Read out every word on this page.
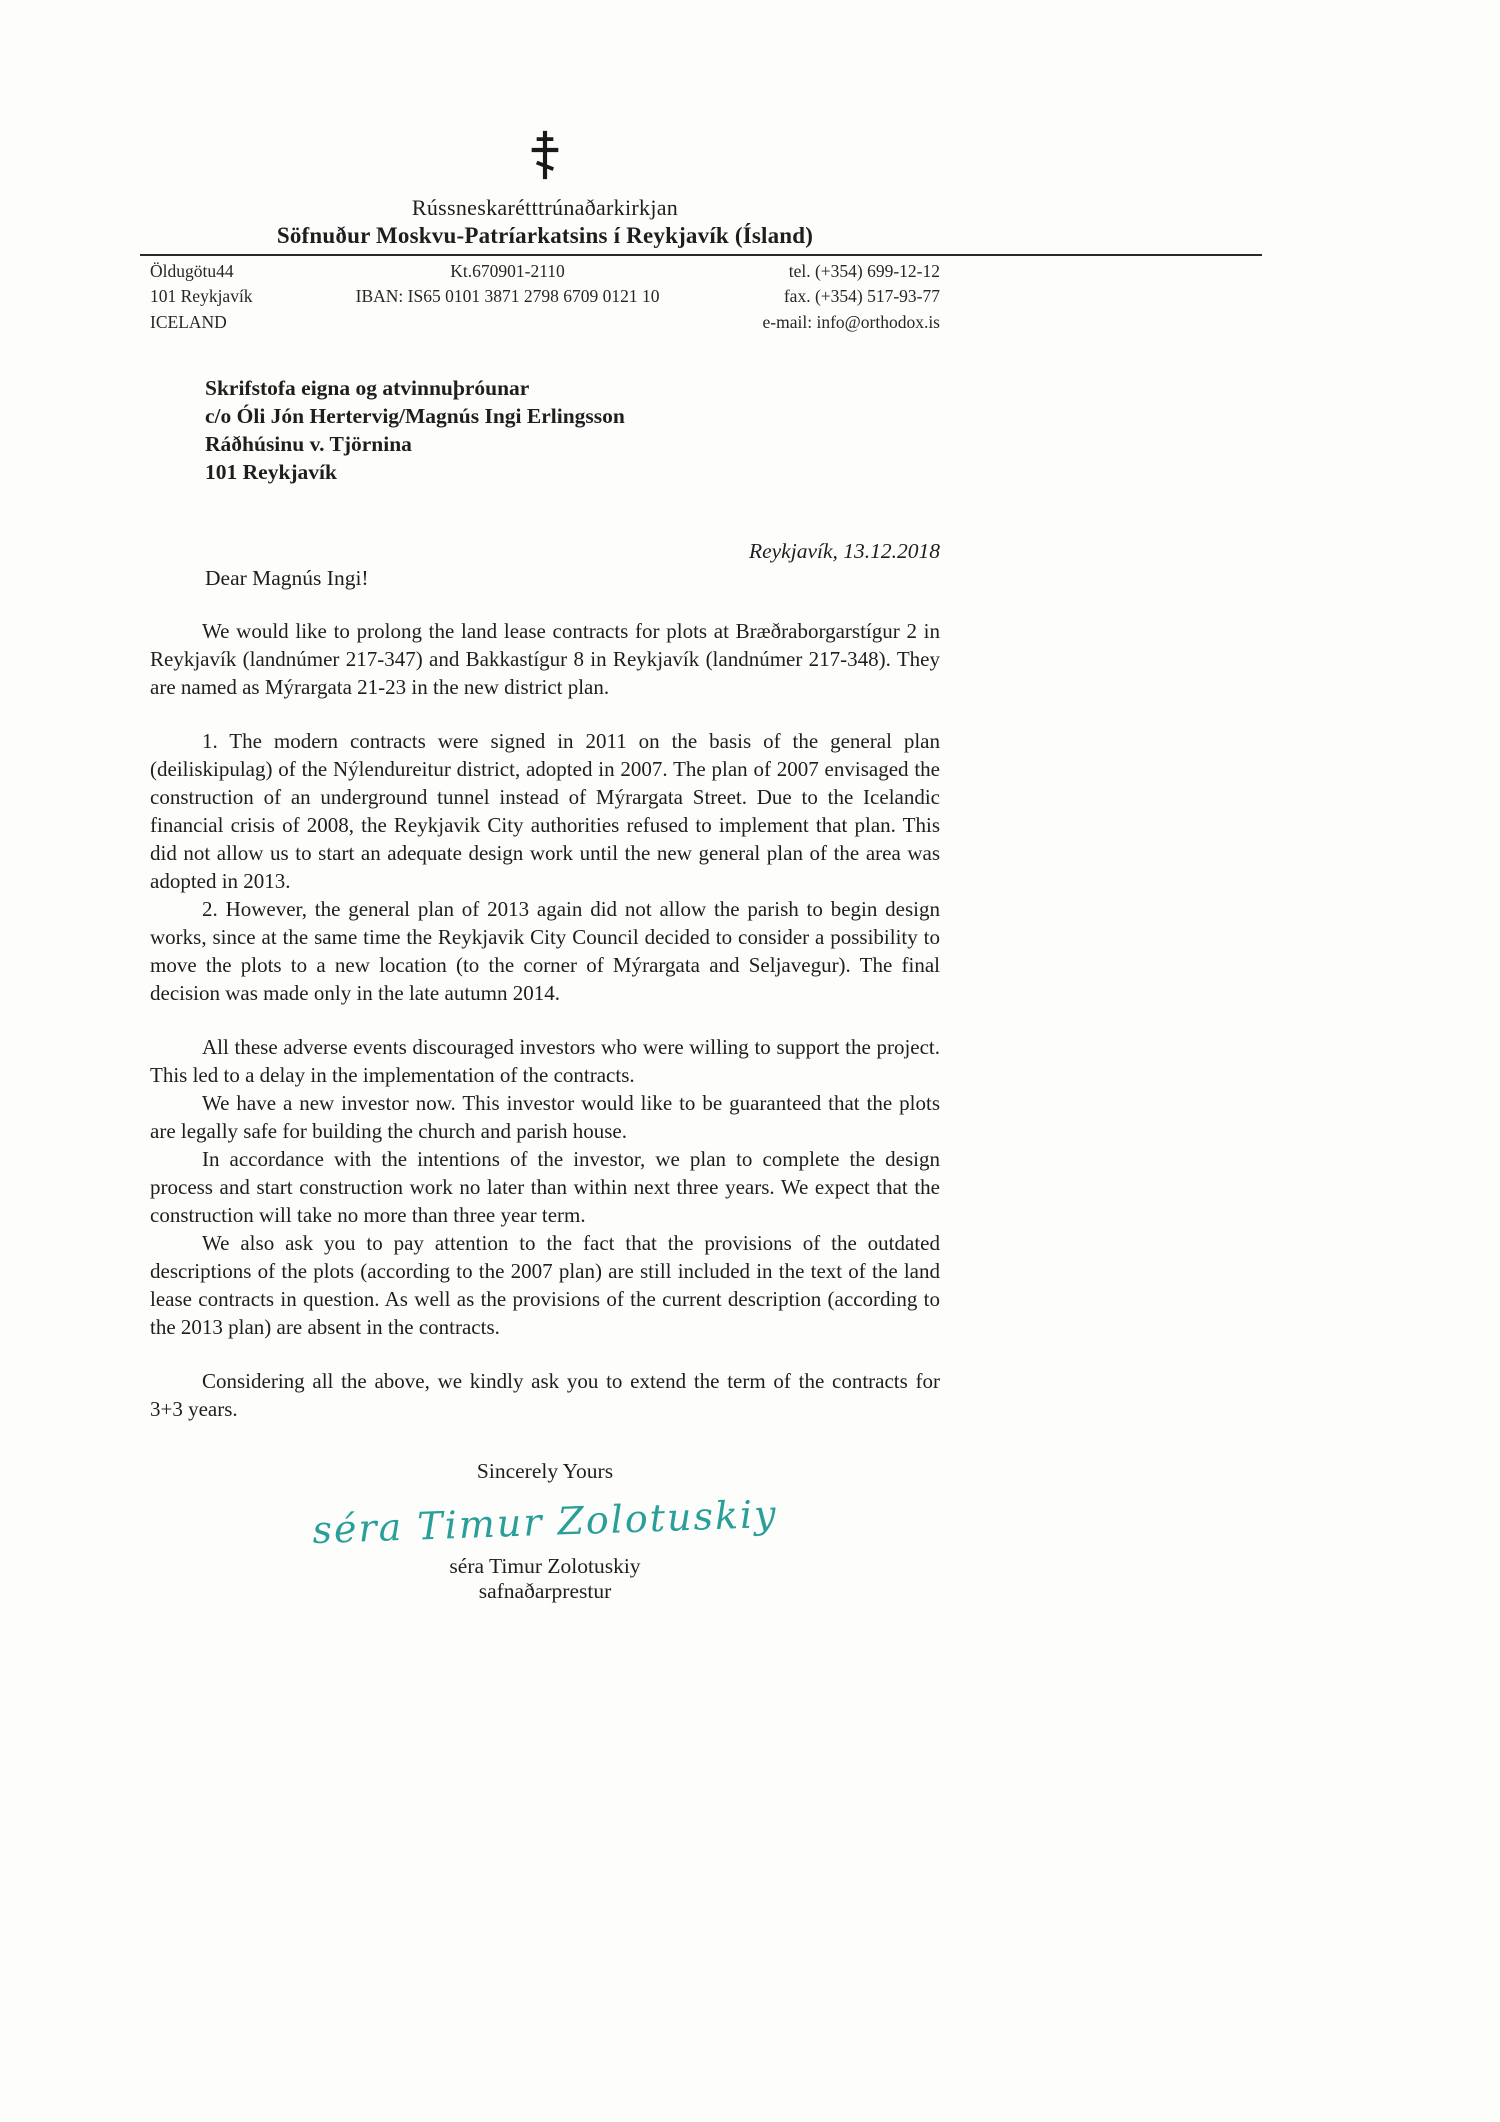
Rússneskarétttrúnaðarkirkjan
Söfnuður Moskvu-Patríarkatsins í Reykjavík (Ísland)
Öldugötu44
101 Reykjavík
ICELAND
Kt.670901-2110
IBAN: IS65 0101 3871 2798 6709 0121 10
tel. (+354) 699-12-12
fax. (+354) 517-93-77
e-mail: info@orthodox.is
Skrifstofa eigna og atvinnuþróunar
c/o Óli Jón Hertervig/Magnús Ingi Erlingsson
Ráðhúsinu v. Tjörnina
101 Reykjavík
Reykjavík, 13.12.2018
Dear Magnús Ingi!

We would like to prolong the land lease contracts for plots at Bræðraborgarstígur 2 in Reykjavík (landnúmer 217-347) and Bakkastígur 8 in Reykjavík (landnúmer 217-348). They are named as Mýrargata 21-23 in the new district plan.

1. The modern contracts were signed in 2011 on the basis of the general plan (deiliskipulag) of the Nýlendureitur district, adopted in 2007. The plan of 2007 envisaged the construction of an underground tunnel instead of Mýrargata Street. Due to the Icelandic financial crisis of 2008, the Reykjavik City authorities refused to implement that plan. This did not allow us to start an adequate design work until the new general plan of the area was adopted in 2013.

2. However, the general plan of 2013 again did not allow the parish to begin design works, since at the same time the Reykjavik City Council decided to consider a possibility to move the plots to a new location (to the corner of Mýrargata and Seljavegur). The final decision was made only in the late autumn 2014.

All these adverse events discouraged investors who were willing to support the project. This led to a delay in the implementation of the contracts.

We have a new investor now. This investor would like to be guaranteed that the plots are legally safe for building the church and parish house.

In accordance with the intentions of the investor, we plan to complete the design process and start construction work no later than within next three years. We expect that the construction will take no more than three year term.

We also ask you to pay attention to the fact that the provisions of the outdated descriptions of the plots (according to the 2007 plan) are still included in the text of the land lease contracts in question. As well as the provisions of the current description (according to the 2013 plan) are absent in the contracts.

Considering all the above, we kindly ask you to extend the term of the contracts for 3+3 years.

Sincerely Yours
séra Timur Zolotuskiy
séra Timur Zolotuskiy
safnaðarprestur
